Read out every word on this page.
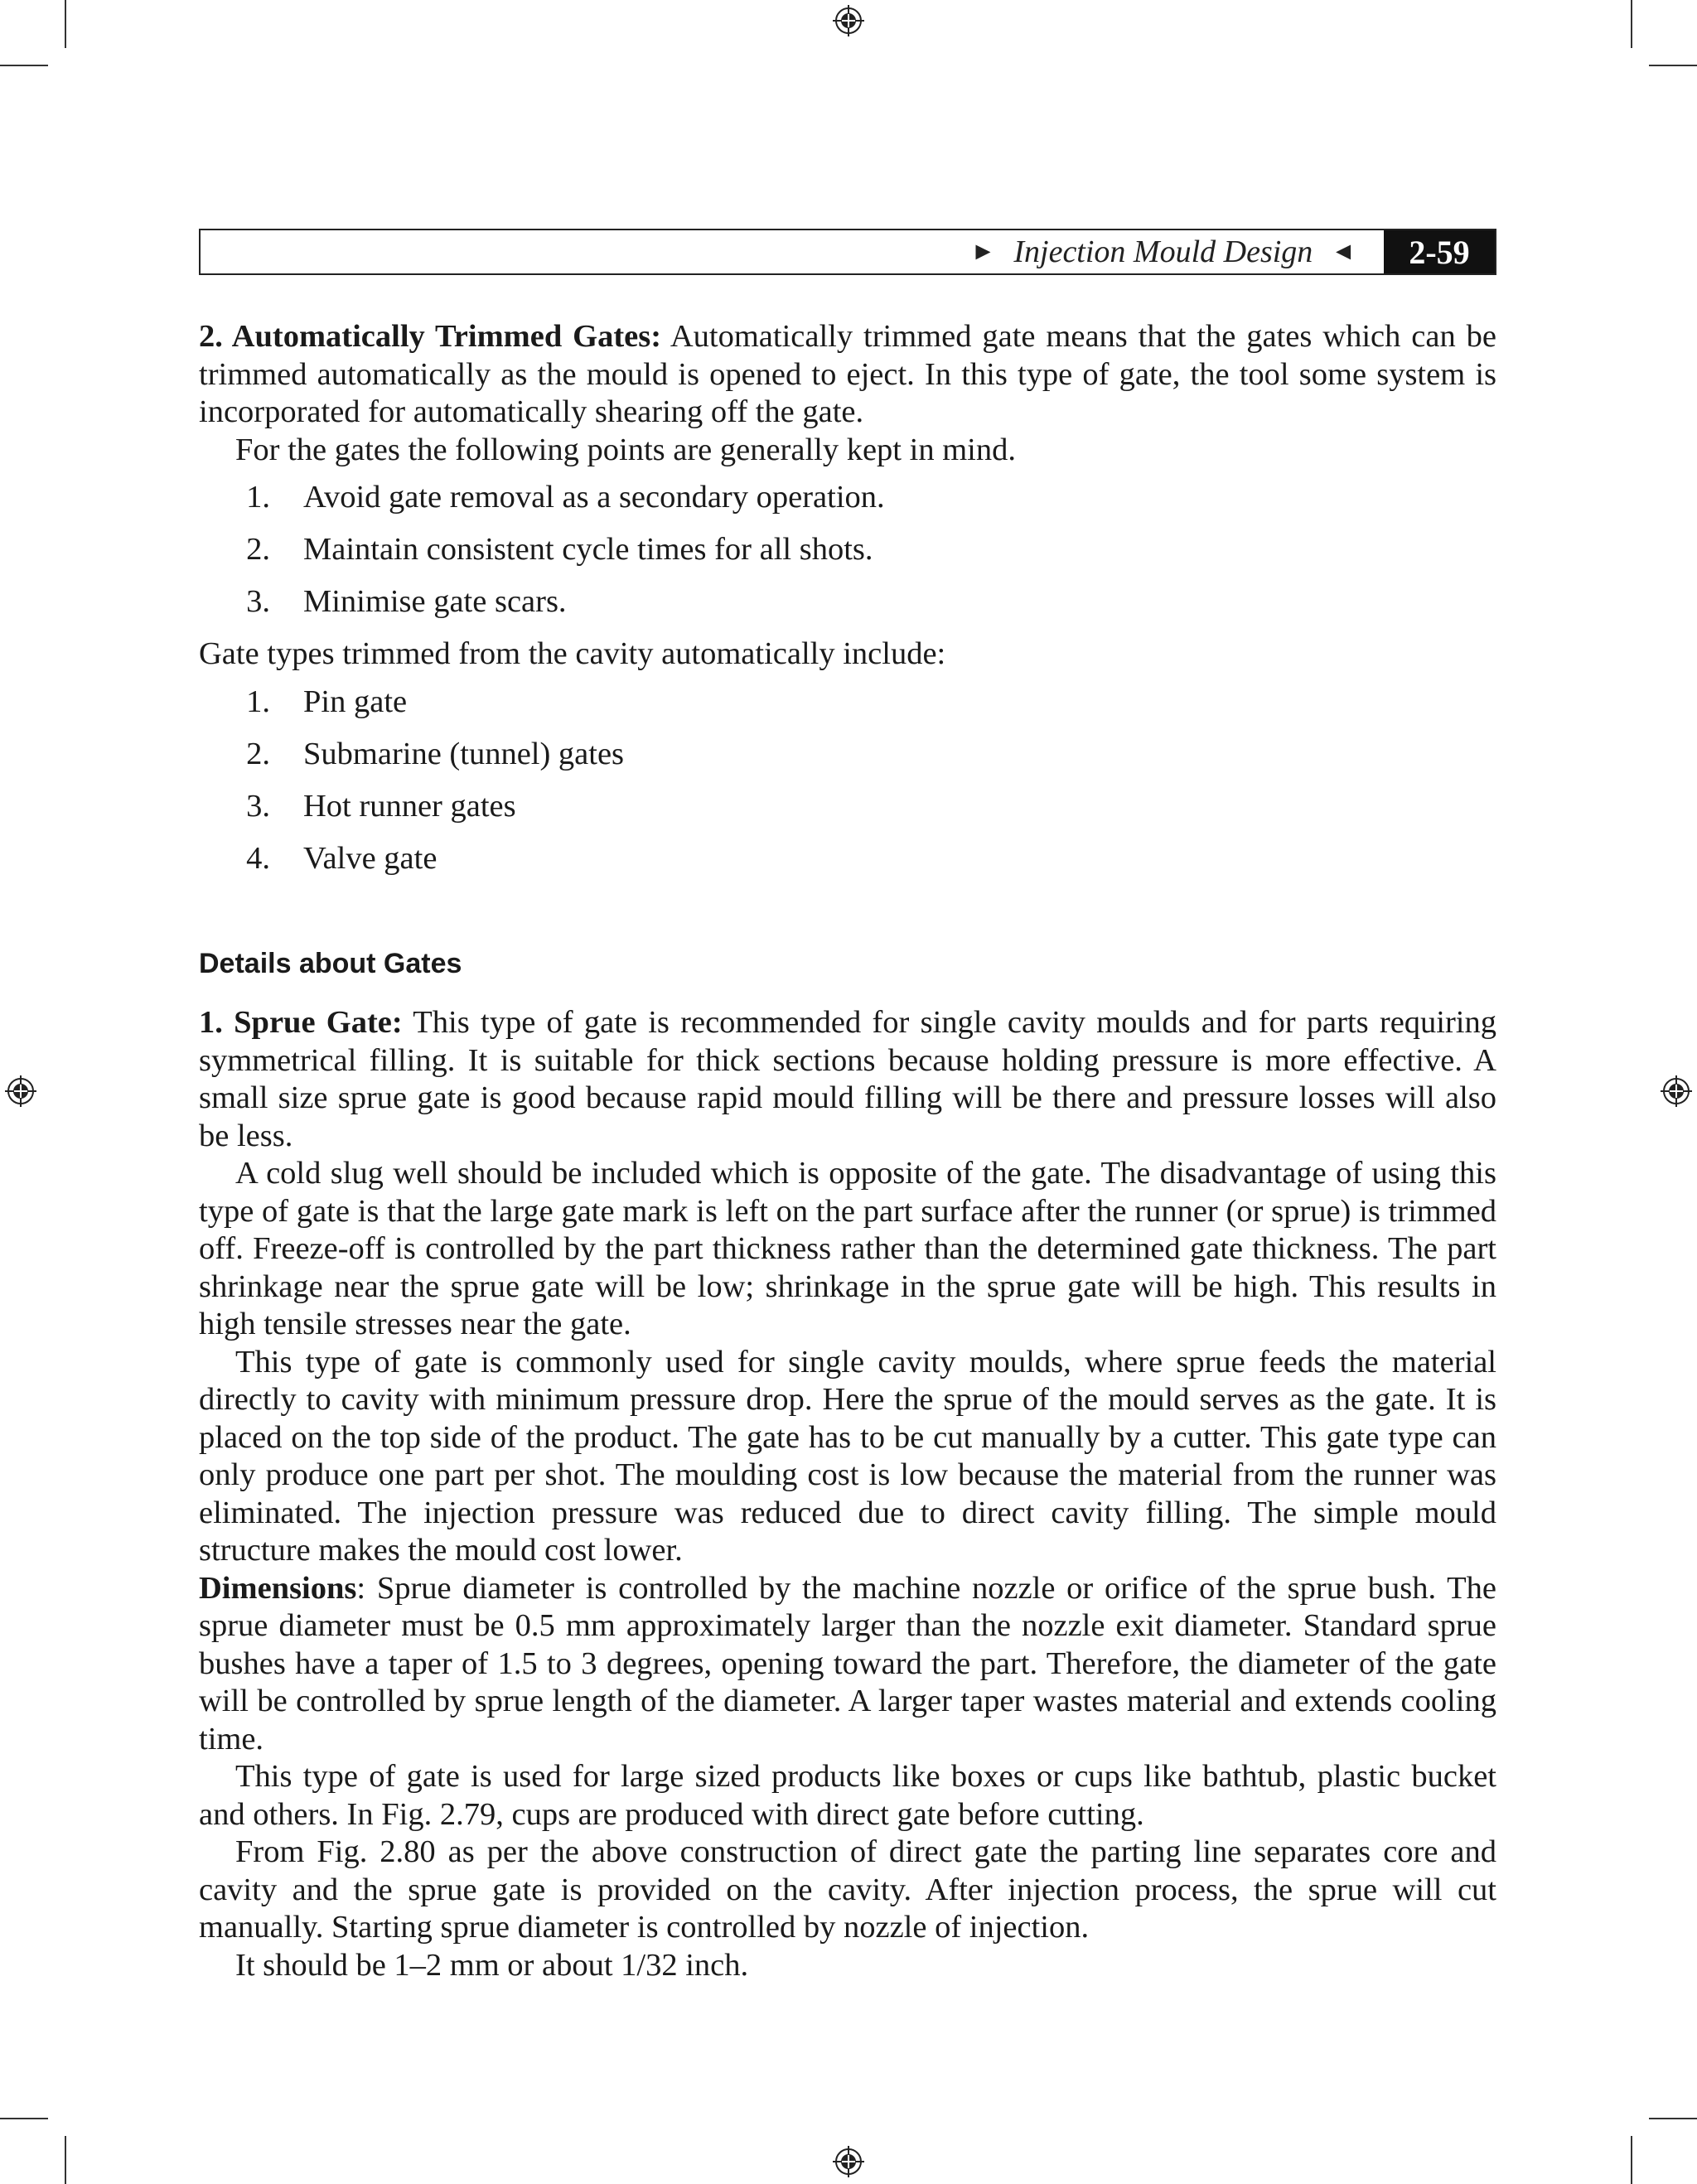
► Injection Mould Design ◄	2-59

2. Automatically Trimmed Gates: Automatically trimmed gate means that the gates which can be trimmed automatically as the mould is opened to eject. In this type of gate, the tool some system is incorporated for automatically shearing off the gate.

For the gates the following points are generally kept in mind.

1.	Avoid gate removal as a secondary operation.
2.	Maintain consistent cycle times for all shots.
3.	Minimise gate scars.

Gate types trimmed from the cavity automatically include:

1.	Pin gate
2.	Submarine (tunnel) gates
3.	Hot runner gates
4.	Valve gate
Details about Gates

1. Sprue Gate: This type of gate is recommended for single cavity moulds and for parts requiring symmetrical filling. It is suitable for thick sections because holding pressure is more effective. A small size sprue gate is good because rapid mould filling will be there and pressure losses will also be less.

A cold slug well should be included which is opposite of the gate. The disadvantage of using this type of gate is that the large gate mark is left on the part surface after the runner (or sprue) is trimmed off. Freeze-off is controlled by the part thickness rather than the determined gate thickness. The part shrinkage near the sprue gate will be low; shrinkage in the sprue gate will be high. This results in high tensile stresses near the gate.

This type of gate is commonly used for single cavity moulds, where sprue feeds the material directly to cavity with minimum pressure drop. Here the sprue of the mould serves as the gate. It is placed on the top side of the product. The gate has to be cut manually by a cutter. This gate type can only produce one part per shot. The moulding cost is low because the material from the runner was eliminated. The injection pressure was reduced due to direct cavity filling. The simple mould structure makes the mould cost lower.

Dimensions: Sprue diameter is controlled by the machine nozzle or orifice of the sprue bush. The sprue diameter must be 0.5 mm approximately larger than the nozzle exit diameter. Standard sprue bushes have a taper of 1.5 to 3 degrees, opening toward the part. Therefore, the diameter of the gate will be controlled by sprue length of the diameter. A larger taper wastes material and extends cooling time.

This type of gate is used for large sized products like boxes or cups like bathtub, plastic bucket and others. In Fig. 2.79, cups are produced with direct gate before cutting.

From Fig. 2.80 as per the above construction of direct gate the parting line separates core and cavity and the sprue gate is provided on the cavity. After injection process, the sprue will cut manually. Starting sprue diameter is controlled by nozzle of injection.

It should be 1–2 mm or about 1/32 inch.
